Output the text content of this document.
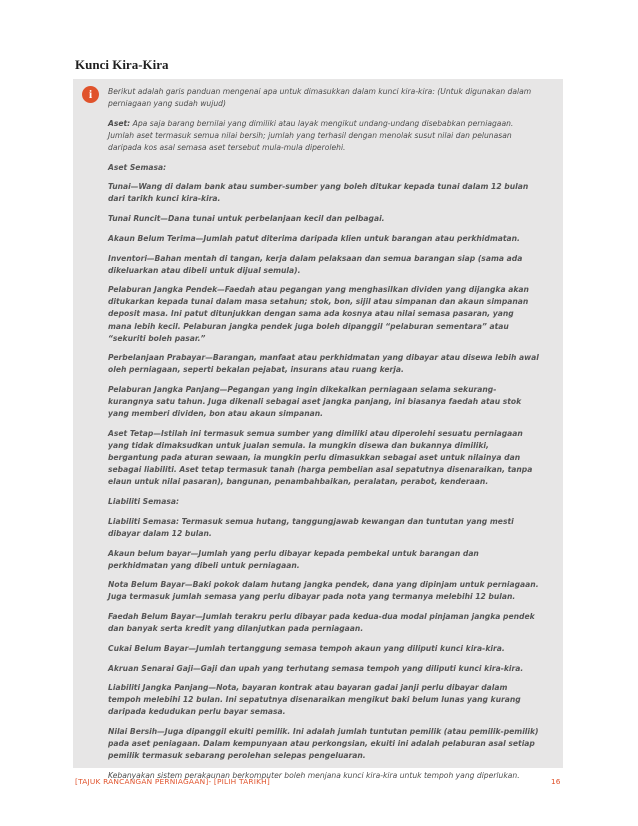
Kunci Kira-Kira
i	Berikut adalah garis panduan mengenai apa untuk dimasukkan dalam kunci kira-kira: (Untuk digunakan dalam perniagaan yang sudah wujud)

Aset: Apa saja barang bernilai yang dimiliki atau layak mengikut undang-undang disebabkan perniagaan. Jumlah aset termasuk semua nilai bersih; jumlah yang terhasil dengan menolak susut nilai dan pelunasan daripada kos asal semasa aset tersebut mula-mula diperolehi.

Aset Semasa:

Tunai—Wang di dalam bank atau sumber-sumber yang boleh ditukar kepada tunai dalam 12 bulan dari tarikh kunci kira-kira.

Tunai Runcit—Dana tunai untuk perbelanjaan kecil dan pelbagai.

Akaun Belum Terima—Jumlah patut diterima daripada klien untuk barangan atau perkhidmatan.

Inventori—Bahan mentah di tangan, kerja dalam pelaksaan dan semua barangan siap (sama ada dikeluarkan atau dibeli untuk dijual semula).

Pelaburan Jangka Pendek—Faedah atau pegangan yang menghasilkan dividen yang dijangka akan ditukarkan kepada tunai dalam masa setahun; stok, bon, sijil atau simpanan dan akaun simpanan deposit masa. Ini patut ditunjukkan dengan sama ada kosnya atau nilai semasa pasaran, yang mana lebih kecil. Pelaburan jangka pendek juga boleh dipanggil “pelaburan sementara” atau “sekuriti boleh pasar.”

Perbelanjaan Prabayar—Barangan, manfaat atau perkhidmatan yang dibayar atau disewa lebih awal oleh perniagaan, seperti bekalan pejabat, insurans atau ruang kerja.

Pelaburan Jangka Panjang—Pegangan yang ingin dikekalkan perniagaan selama sekurang-kurangnya satu tahun. Juga dikenali sebagai aset jangka panjang, ini biasanya faedah atau stok yang memberi dividen, bon atau akaun simpanan.

Aset Tetap—Istilah ini termasuk semua sumber yang dimiliki atau diperolehi sesuatu perniagaan yang tidak dimaksudkan untuk jualan semula. Ia mungkin disewa dan bukannya dimiliki, bergantung pada aturan sewaan, ia mungkin perlu dimasukkan sebagai aset untuk nilainya dan sebagai liabiliti. Aset tetap termasuk tanah (harga pembelian asal sepatutnya disenaraikan, tanpa elaun untuk nilai pasaran), bangunan, penambahbaikan, peralatan, perabot, kenderaan.

Liabiliti Semasa:

Liabiliti Semasa: Termasuk semua hutang, tanggungjawab kewangan dan tuntutan yang mesti dibayar dalam 12 bulan.

Akaun belum bayar—Jumlah yang perlu dibayar kepada pembekal untuk barangan dan perkhidmatan yang dibeli untuk perniagaan.

Nota Belum Bayar—Baki pokok dalam hutang jangka pendek, dana yang dipinjam untuk perniagaan. Juga termasuk jumlah semasa yang perlu dibayar pada nota yang termanya melebihi 12 bulan.

Faedah Belum Bayar—Jumlah terakru perlu dibayar pada kedua-dua modal pinjaman jangka pendek dan banyak serta kredit yang dilanjutkan pada perniagaan.

Cukai Belum Bayar—Jumlah tertanggung semasa tempoh akaun yang diliputi kunci kira-kira.

Akruan Senarai Gaji—Gaji dan upah yang terhutang semasa tempoh yang diliputi kunci kira-kira.

Liabiliti Jangka Panjang—Nota, bayaran kontrak atau bayaran gadai janji perlu dibayar dalam tempoh melebihi 12 bulan. Ini sepatutnya disenaraikan mengikut baki belum lunas yang kurang daripada kedudukan perlu bayar semasa.

Nilai Bersih—Juga dipanggil ekuiti pemilik. Ini adalah jumlah tuntutan pemilik (atau pemilik-pemilik) pada aset peniagaan. Dalam kempunyaan atau perkongsian, ekuiti ini adalah pelaburan asal setiap pemilik termasuk sebarang perolehan selepas pengeluaran.

Kebanyakan sistem perakaunan berkomputer boleh menjana kunci kira-kira untuk tempoh yang diperlukan.

[TAJUK RANCANGAN PERNIAGAAN]- [PILIH TARIKH]	16
